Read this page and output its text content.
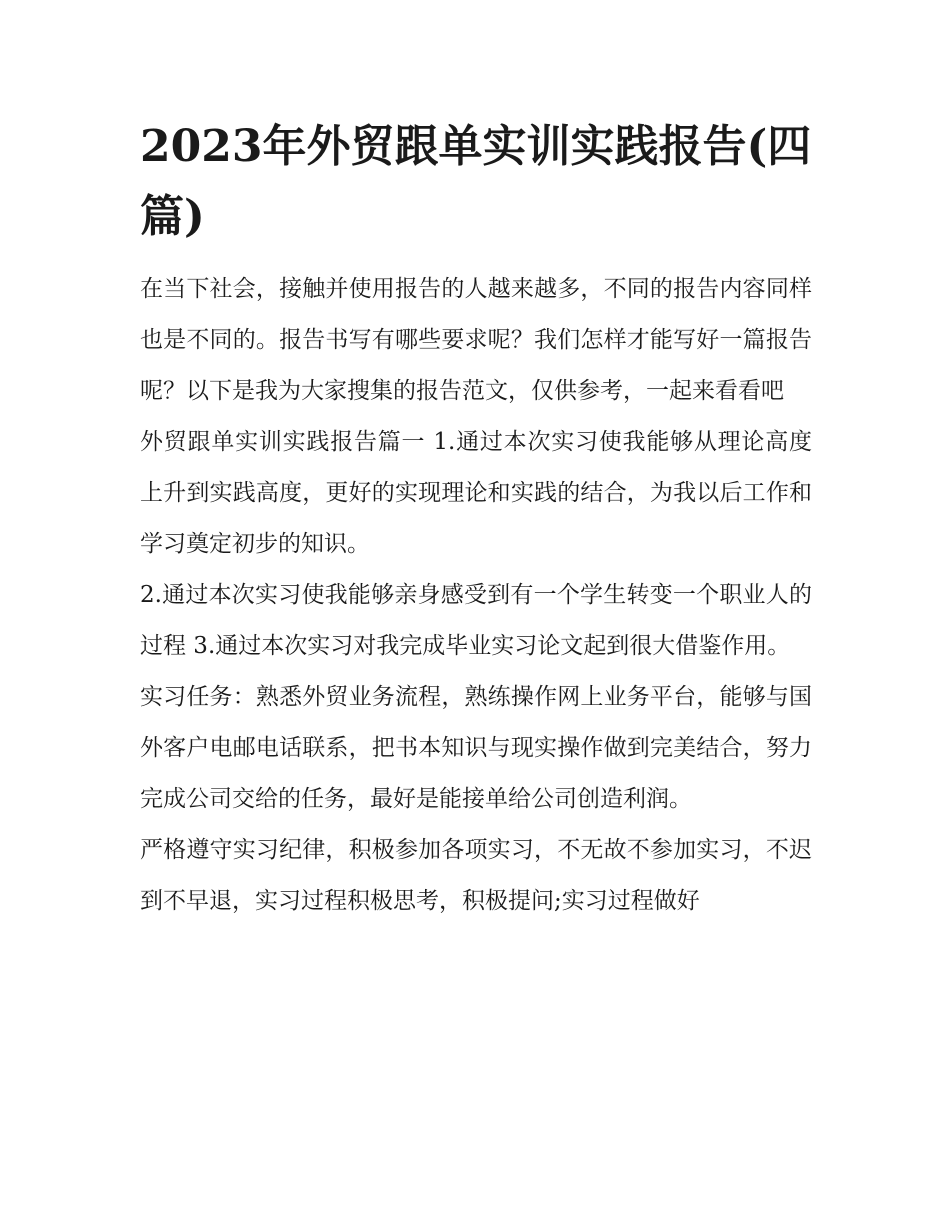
2023年外贸跟单实训实践报告(四篇)

在当下社会，接触并使用报告的人越来越多，不同的报告内容同样也是不同的。报告书写有哪些要求呢？我们怎样才能写好一篇报告呢？以下是我为大家搜集的报告范文，仅供参考，一起来看看吧

外贸跟单实训实践报告篇一 1.通过本次实习使我能够从理论高度上升到实践高度，更好的实现理论和实践的结合，为我以后工作和学习奠定初步的知识。

2.通过本次实习使我能够亲身感受到有一个学生转变一个职业人的过程 3.通过本次实习对我完成毕业实习论文起到很大借鉴作用。

实习任务：熟悉外贸业务流程，熟练操作网上业务平台，能够与国外客户电邮电话联系，把书本知识与现实操作做到完美结合，努力完成公司交给的任务，最好是能接单给公司创造利润。

严格遵守实习纪律，积极参加各项实习，不无故不参加实习，不迟到不早退，实习过程积极思考，积极提问;实习过程做好
